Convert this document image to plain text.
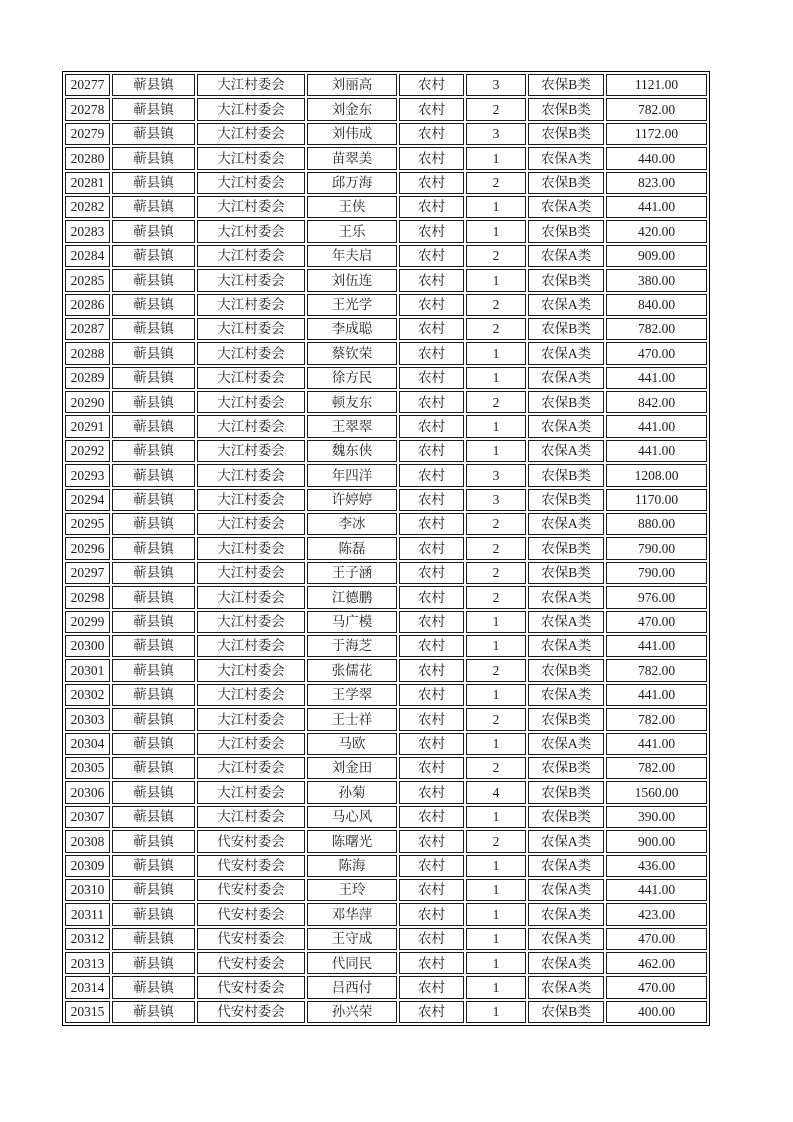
20277	蕲县镇	大江村委会	刘丽高	农村	3	农保B类	1121.00
20278	蕲县镇	大江村委会	刘金东	农村	2	农保B类	782.00
20279	蕲县镇	大江村委会	刘伟成	农村	3	农保B类	1172.00
20280	蕲县镇	大江村委会	苗翠美	农村	1	农保A类	440.00
20281	蕲县镇	大江村委会	邱万海	农村	2	农保B类	823.00
20282	蕲县镇	大江村委会	王侠	农村	1	农保A类	441.00
20283	蕲县镇	大江村委会	王乐	农村	1	农保B类	420.00
20284	蕲县镇	大江村委会	年夫启	农村	2	农保A类	909.00
20285	蕲县镇	大江村委会	刘伍连	农村	1	农保B类	380.00
20286	蕲县镇	大江村委会	王光学	农村	2	农保A类	840.00
20287	蕲县镇	大江村委会	李成聪	农村	2	农保B类	782.00
20288	蕲县镇	大江村委会	蔡钦荣	农村	1	农保A类	470.00
20289	蕲县镇	大江村委会	徐方民	农村	1	农保A类	441.00
20290	蕲县镇	大江村委会	顿友东	农村	2	农保B类	842.00
20291	蕲县镇	大江村委会	王翠翠	农村	1	农保A类	441.00
20292	蕲县镇	大江村委会	魏东侠	农村	1	农保A类	441.00
20293	蕲县镇	大江村委会	年四洋	农村	3	农保B类	1208.00
20294	蕲县镇	大江村委会	许婷婷	农村	3	农保B类	1170.00
20295	蕲县镇	大江村委会	李冰	农村	2	农保A类	880.00
20296	蕲县镇	大江村委会	陈磊	农村	2	农保B类	790.00
20297	蕲县镇	大江村委会	王子涵	农村	2	农保B类	790.00
20298	蕲县镇	大江村委会	江德鹏	农村	2	农保A类	976.00
20299	蕲县镇	大江村委会	马广模	农村	1	农保A类	470.00
20300	蕲县镇	大江村委会	于海芝	农村	1	农保A类	441.00
20301	蕲县镇	大江村委会	张儒花	农村	2	农保B类	782.00
20302	蕲县镇	大江村委会	王学翠	农村	1	农保A类	441.00
20303	蕲县镇	大江村委会	王士祥	农村	2	农保B类	782.00
20304	蕲县镇	大江村委会	马欧	农村	1	农保A类	441.00
20305	蕲县镇	大江村委会	刘金田	农村	2	农保B类	782.00
20306	蕲县镇	大江村委会	孙菊	农村	4	农保B类	1560.00
20307	蕲县镇	大江村委会	马心风	农村	1	农保B类	390.00
20308	蕲县镇	代安村委会	陈曙光	农村	2	农保A类	900.00
20309	蕲县镇	代安村委会	陈海	农村	1	农保A类	436.00
20310	蕲县镇	代安村委会	王玲	农村	1	农保A类	441.00
20311	蕲县镇	代安村委会	邓华萍	农村	1	农保A类	423.00
20312	蕲县镇	代安村委会	王守成	农村	1	农保A类	470.00
20313	蕲县镇	代安村委会	代同民	农村	1	农保A类	462.00
20314	蕲县镇	代安村委会	吕西付	农村	1	农保A类	470.00
20315	蕲县镇	代安村委会	孙兴荣	农村	1	农保B类	400.00
